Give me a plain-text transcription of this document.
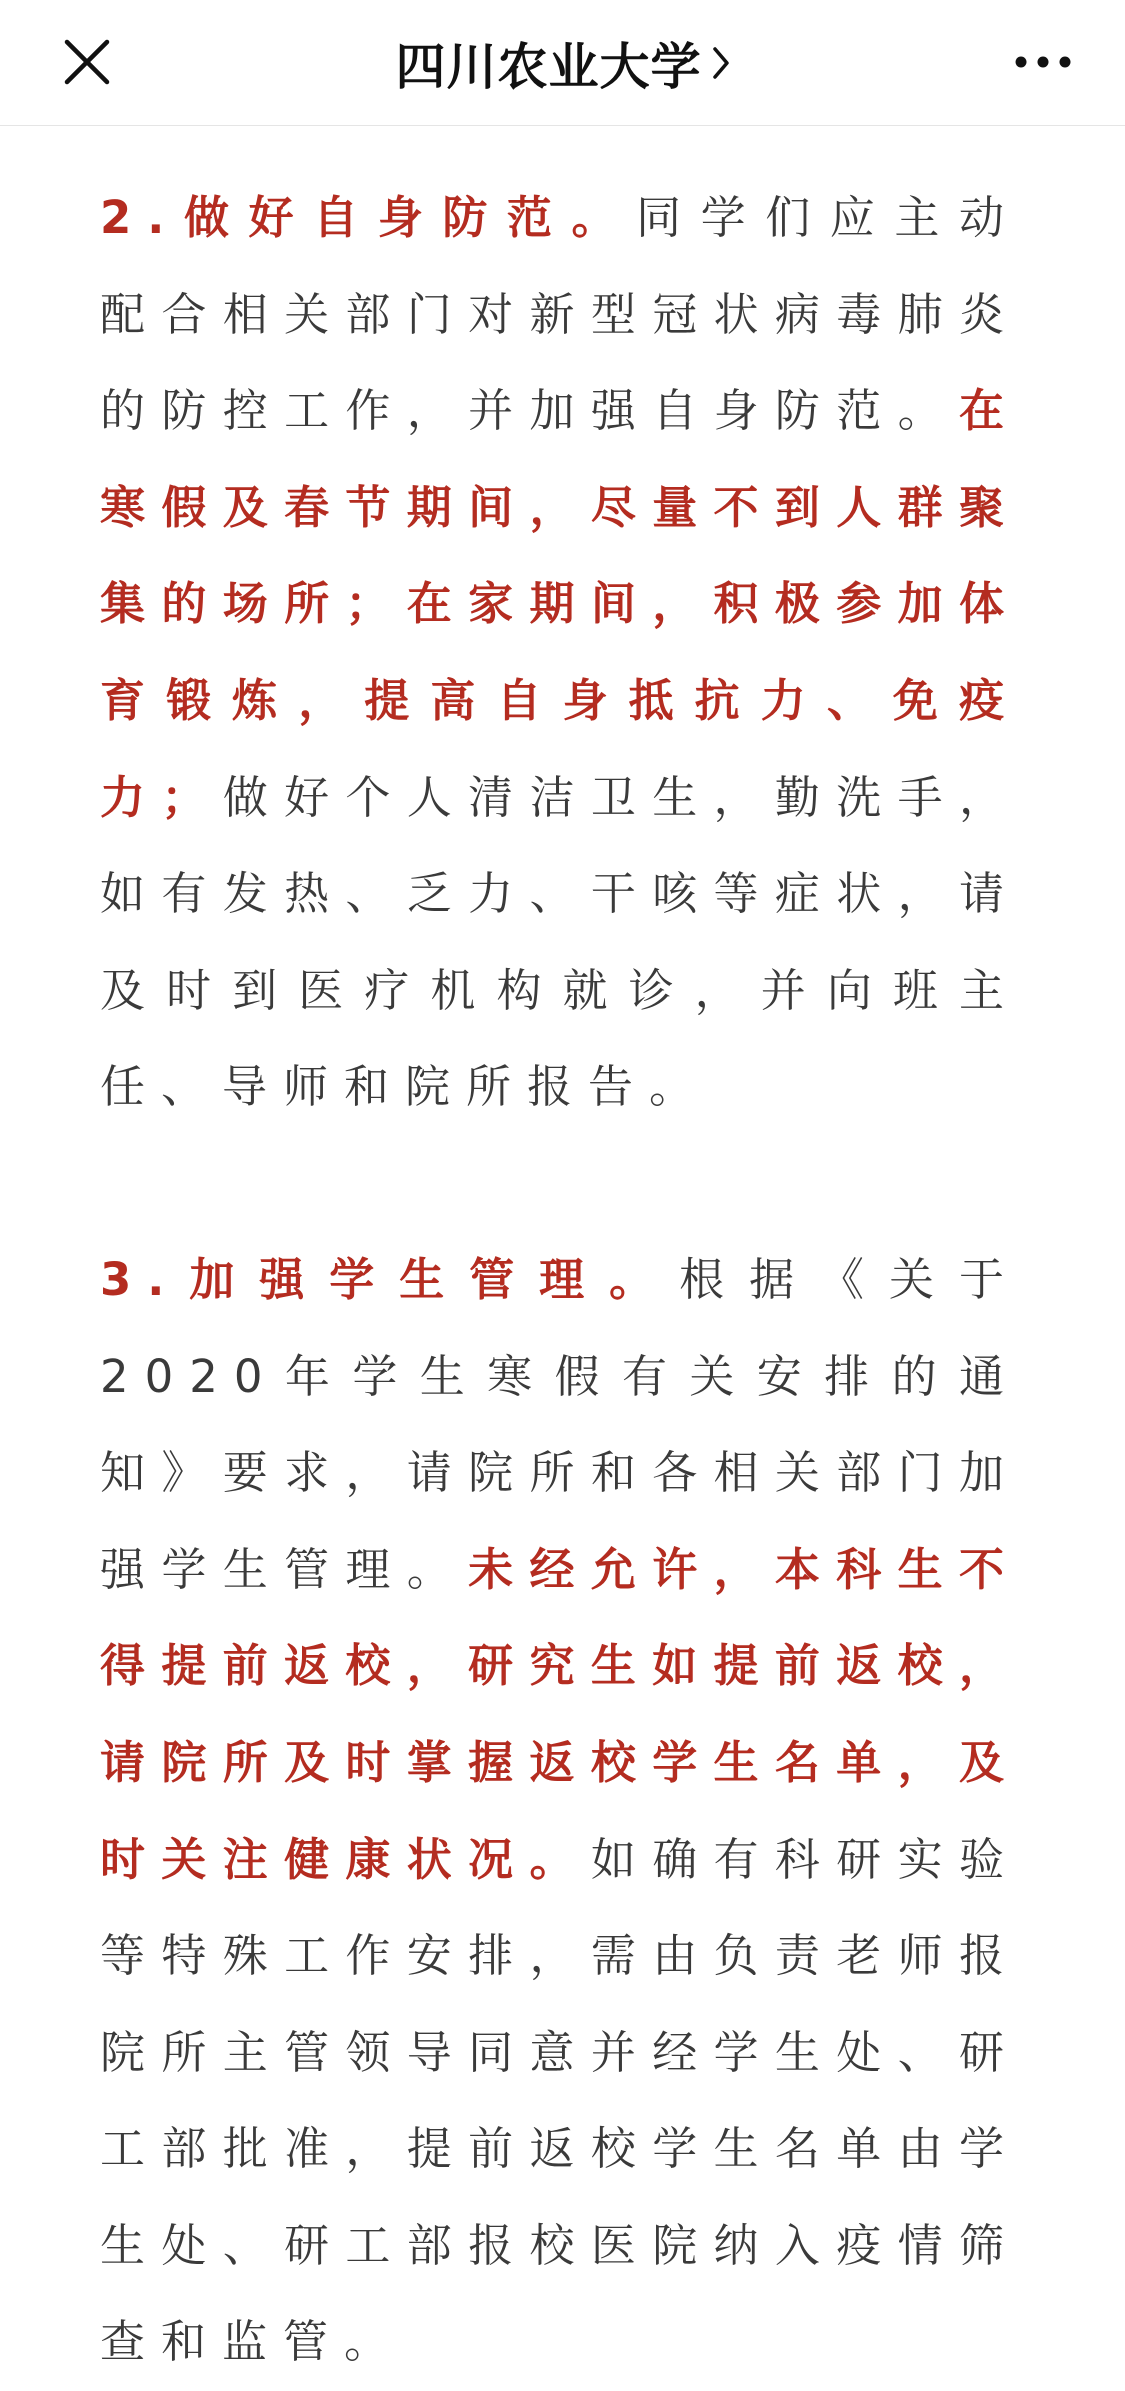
四川农业大学

2.做好自身防范。同学们应主动配合相关部门对新型冠状病毒肺炎的防控工作，并加强自身防范。在寒假及春节期间，尽量不到人群聚集的场所；在家期间，积极参加体育锻炼，提高自身抵抗力、免疫力；做好个人清洁卫生，勤洗手，如有发热、乏力、干咳等症状，请及时到医疗机构就诊，并向班主任、导师和院所报告。

3.加强学生管理。根据《关于2020年学生寒假有关安排的通知》要求，请院所和各相关部门加强学生管理。未经允许，本科生不得提前返校，研究生如提前返校，请院所及时掌握返校学生名单，及时关注健康状况。如确有科研实验等特殊工作安排，需由负责老师报院所主管领导同意并经学生处、研工部批准，提前返校学生名单由学生处、研工部报校医院纳入疫情筛查和监管。
